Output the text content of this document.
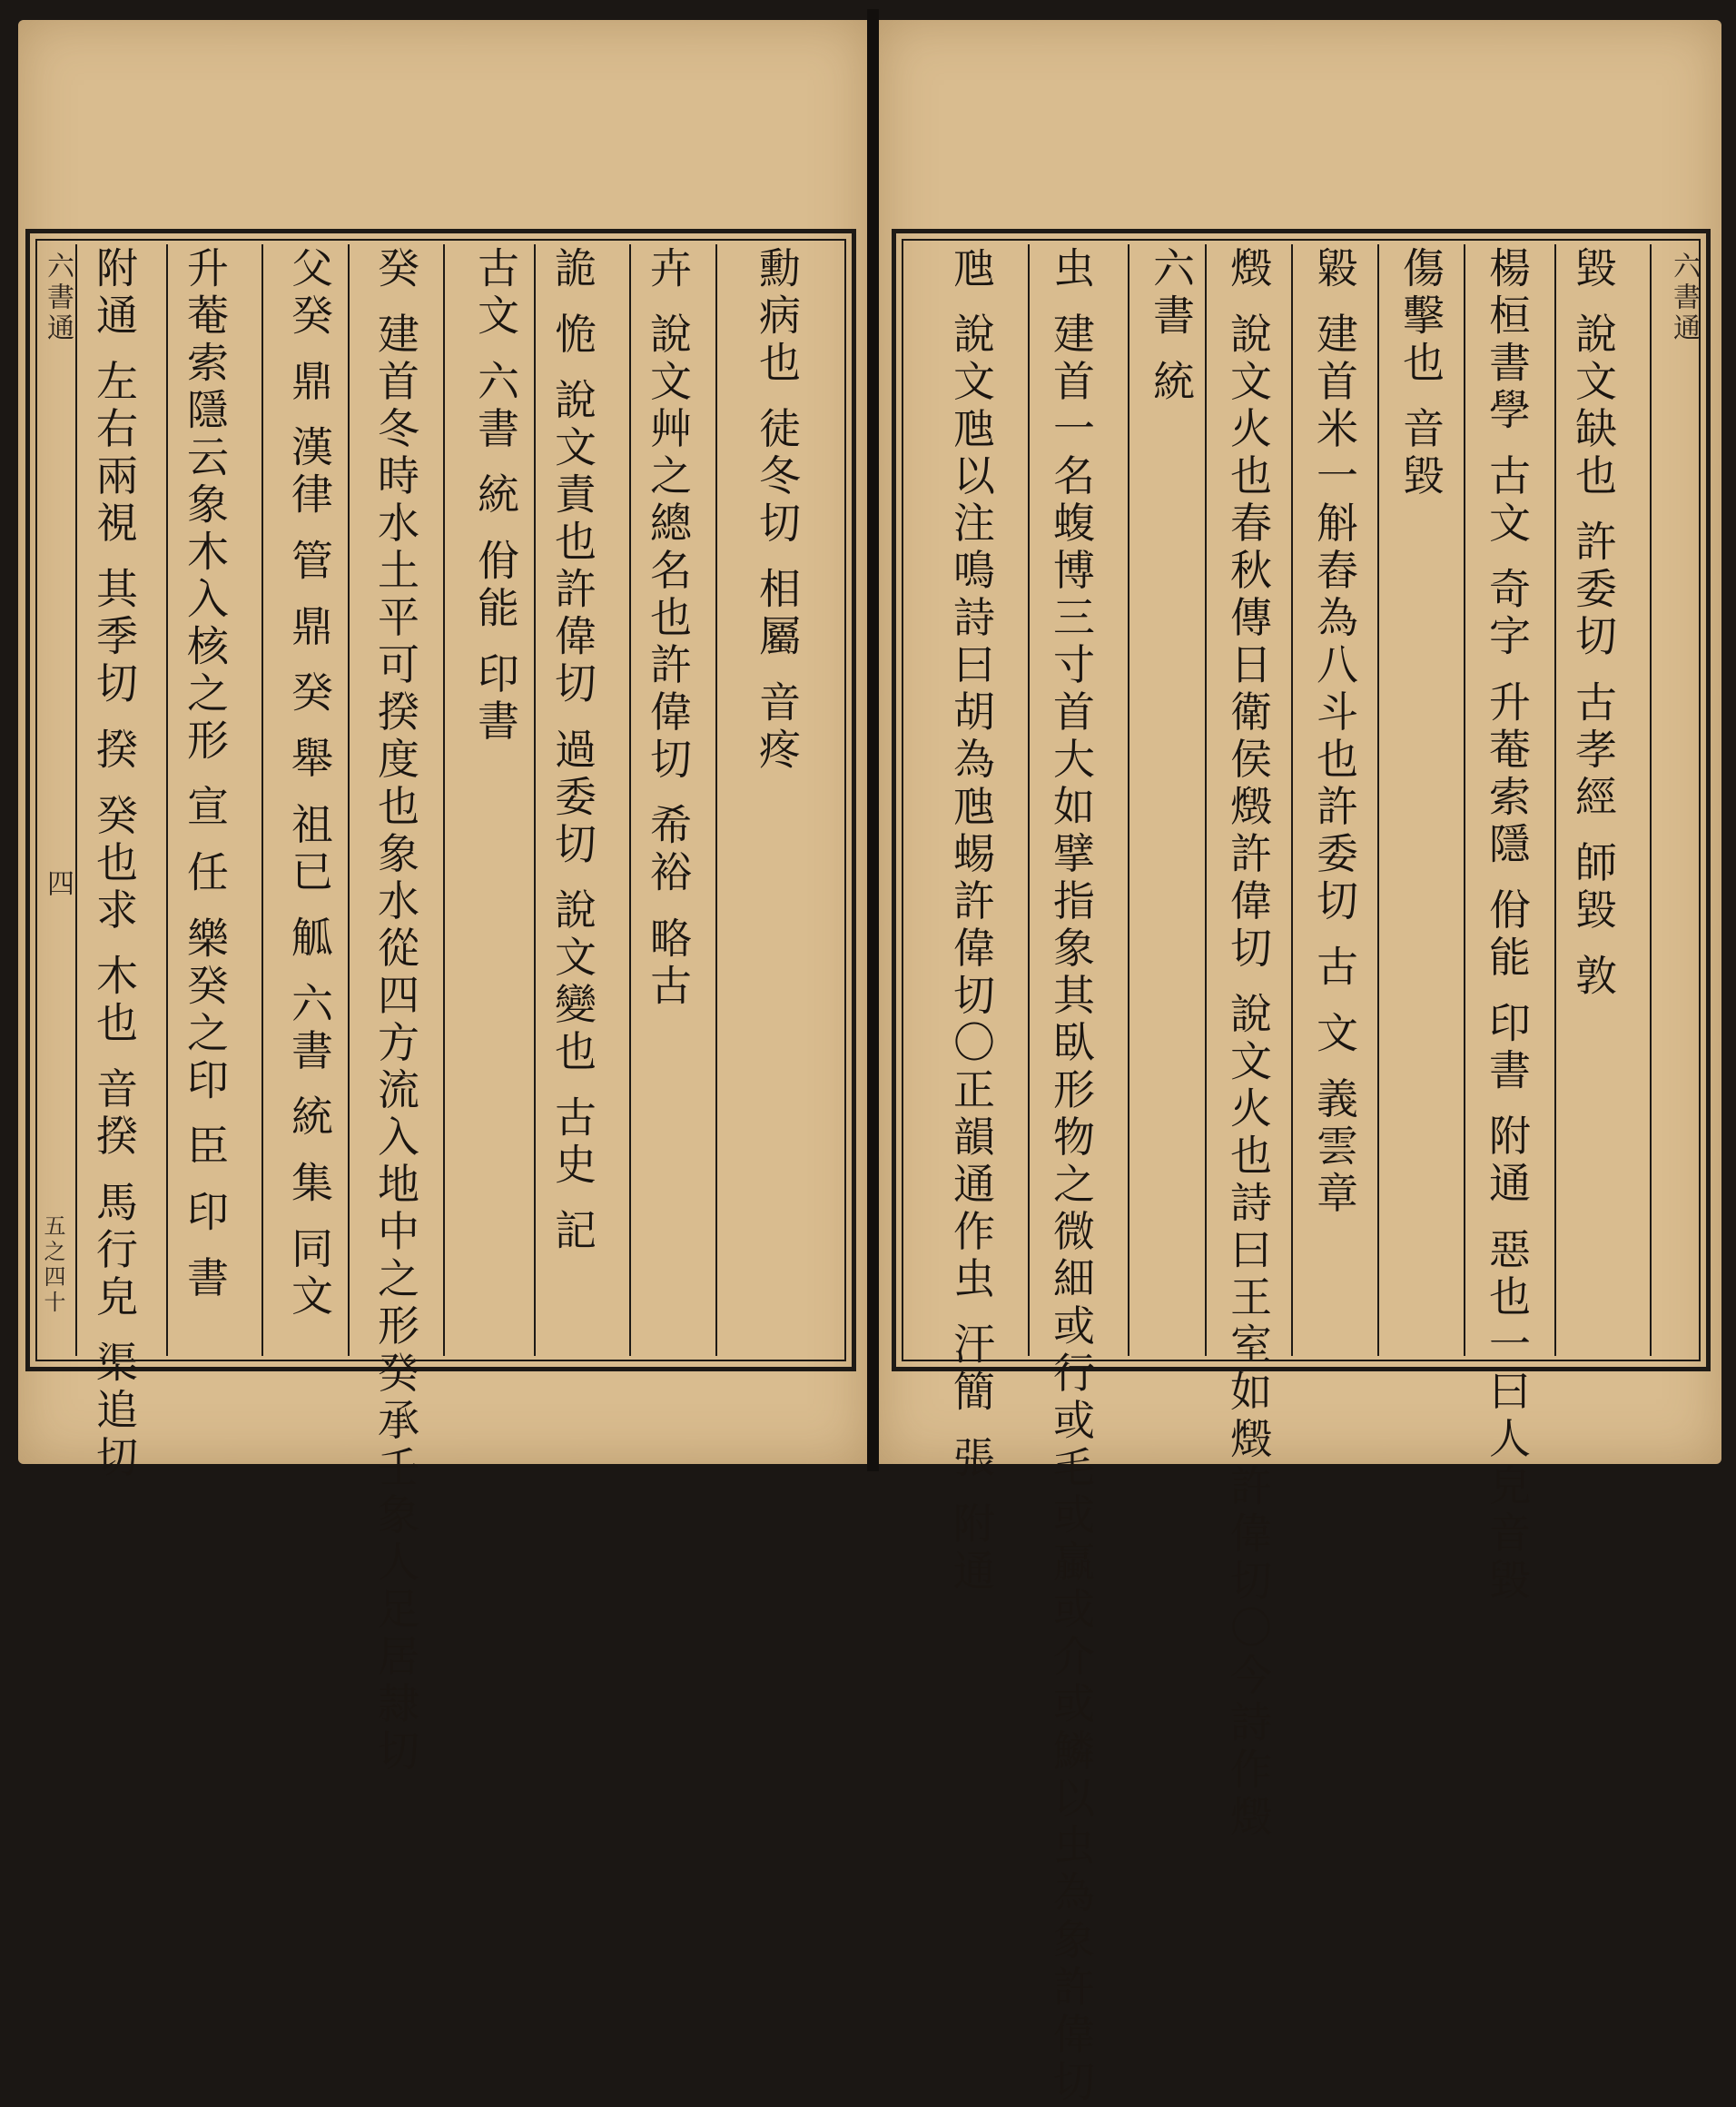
勳病也 徒冬切 相屬 音疼
卉 說文艸之總名也許偉切 希裕 略古
詭 恑 說文責也許偉切 過委切 說文變也 古史 記
古文 六書 統 佾能 印書
癸 建首冬時水土平可揆度也象水從四方流入地中之形癸承壬象人足居隷切
父癸 鼎 漢律 管 鼎 癸 舉 祖已 觚 六書 統 集 同文
升菴索隱云象木入核之形 宣 任 樂癸之印 臣 印 書
附通 左右兩視 其季切 揆 癸也求 木也 音揆 馬行皃 渠追切
六書通
四
五之四十
六書通
毀 說文缺也 許委切 古孝經 師毀 敦
楊桓書學 古文 奇字 升菴索隱 佾能 印書 附通 惡也一曰人皃音毀
傷擊也 音毀
毇 建首米一斛舂為八斗也許委切 古 文 義雲章
燬 說文火也春秋傳日衛侯燬許偉切 說文火也詩曰王室如燬許偉切〇今詩作燬
六書 統
虫 建首一名蝮博三寸首大如擘指象其臥形物之微細或行或毛或蠃或介或鱗以虫為象許偉切
虺 說文虺以注鳴詩曰胡為虺蜴許偉切〇正韻通作虫 汗簡 張 附通
